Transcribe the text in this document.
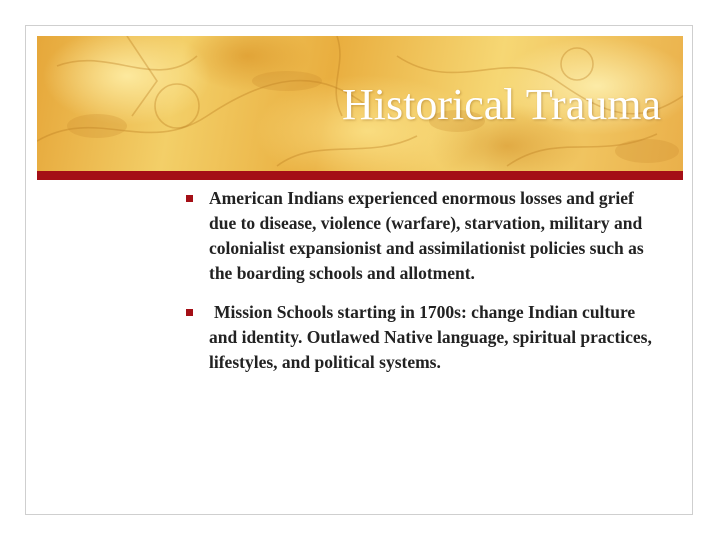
Historical Trauma
American Indians experienced enormous losses and grief due to disease, violence (warfare), starvation, military and colonialist expansionist and assimilationist policies such as the boarding schools and allotment.
Mission Schools starting in 1700s: change Indian culture and identity. Outlawed Native language, spiritual practices, lifestyles, and political systems.
